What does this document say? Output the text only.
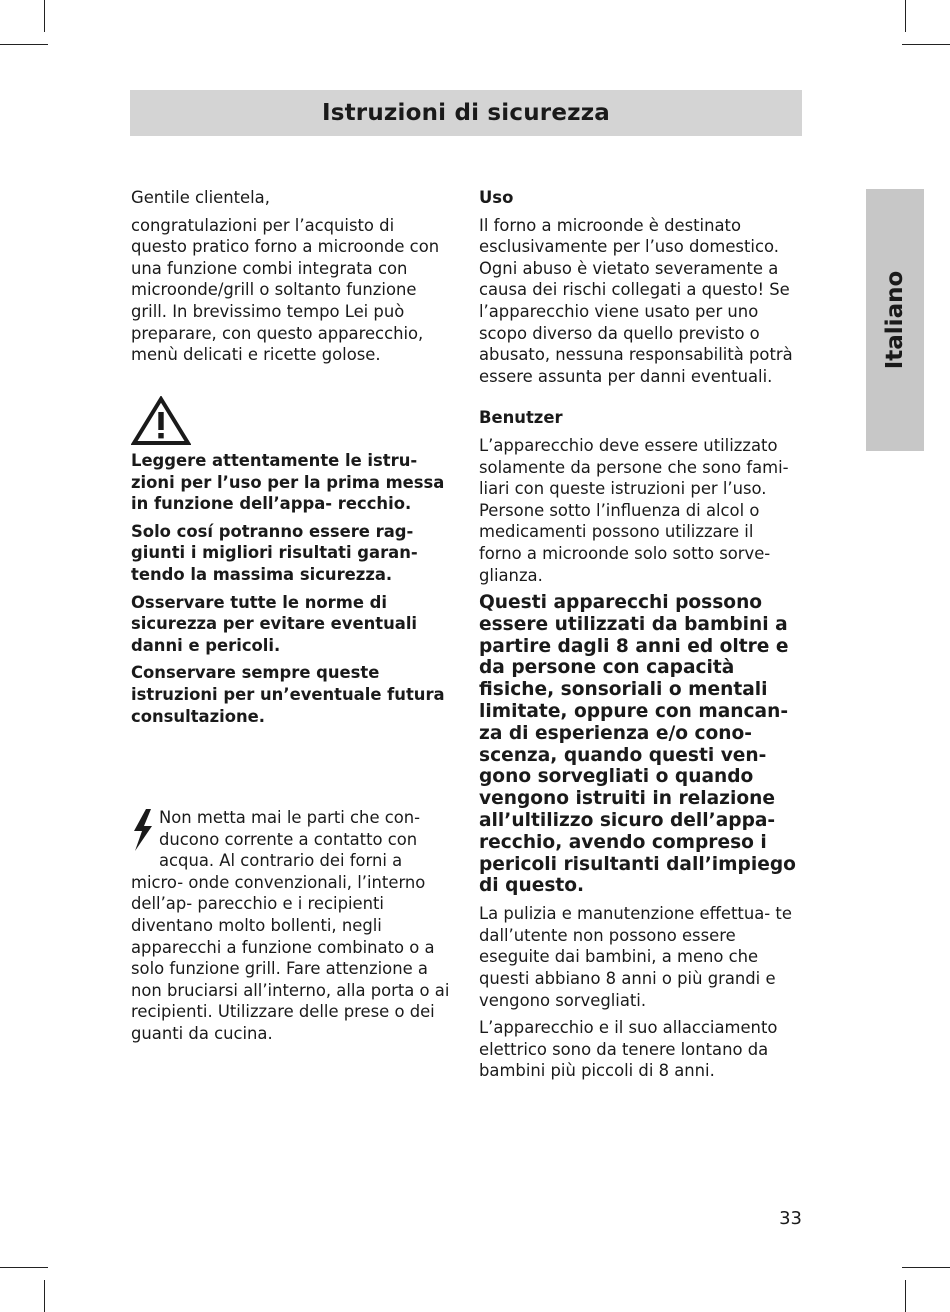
Istruzioni di sicurezza
Italiano

Gentile clientela,

congratulazioni per l’acquisto di questo pratico forno a microonde con una funzione combi integrata con microonde/grill o soltanto funzione grill. In brevissimo tempo Lei può preparare, con questo apparecchio, menù delicati e ricette golose.

Leggere attentamente le istru- zioni per l’uso per la prima messa in funzione dell’appa- recchio.

Solo cosí potranno essere rag- giunti i migliori risultati garan- tendo la massima sicurezza.

Osservare tutte le norme di sicurezza per evitare eventuali danni e pericoli.

Conservare sempre queste istruzioni per un’eventuale futura consultazione.

Non metta mai le parti che con- ducono corrente a contatto con acqua. Al contrario dei forni a micro- onde convenzionali, l’interno dell’ap- parecchio e i recipienti diventano molto bollenti, negli apparecchi a funzione combinato o a solo funzione grill. Fare attenzione a non bruciarsi all’interno, alla porta o ai recipienti. Utilizzare delle prese o dei guanti da cucina.

Uso

Il forno a microonde è destinato esclusivamente per l’uso domestico. Ogni abuso è vietato severamente a causa dei rischi collegati a questo! Se l’apparecchio viene usato per uno scopo diverso da quello previsto o abusato, nessuna responsabilità potrà essere assunta per danni eventuali.

Benutzer

L’apparecchio deve essere utilizzato solamente da persone che sono fami- liari con queste istruzioni per l’uso. Persone sotto l’influenza di alcol o medicamenti possono utilizzare il forno a microonde solo sotto sorve- glianza.

Questi apparecchi possono essere utilizzati da bambini a partire dagli 8 anni ed oltre e da persone con capacità fisiche, sonsoriali o mentali limitate, oppure con mancan- za di esperienza e/o cono- scenza, quando questi ven- gono sorvegliati o quando vengono istruiti in relazione all’ultilizzo sicuro dell’appa- recchio, avendo compreso i pericoli risultanti dall’impiego di questo.

La pulizia e manutenzione effettua- te dall’utente non possono essere eseguite dai bambini, a meno che questi abbiano 8 anni o più grandi e vengono sorvegliati.

L’apparecchio e il suo allacciamento elettrico sono da tenere lontano da bambini più piccoli di 8 anni.

33
